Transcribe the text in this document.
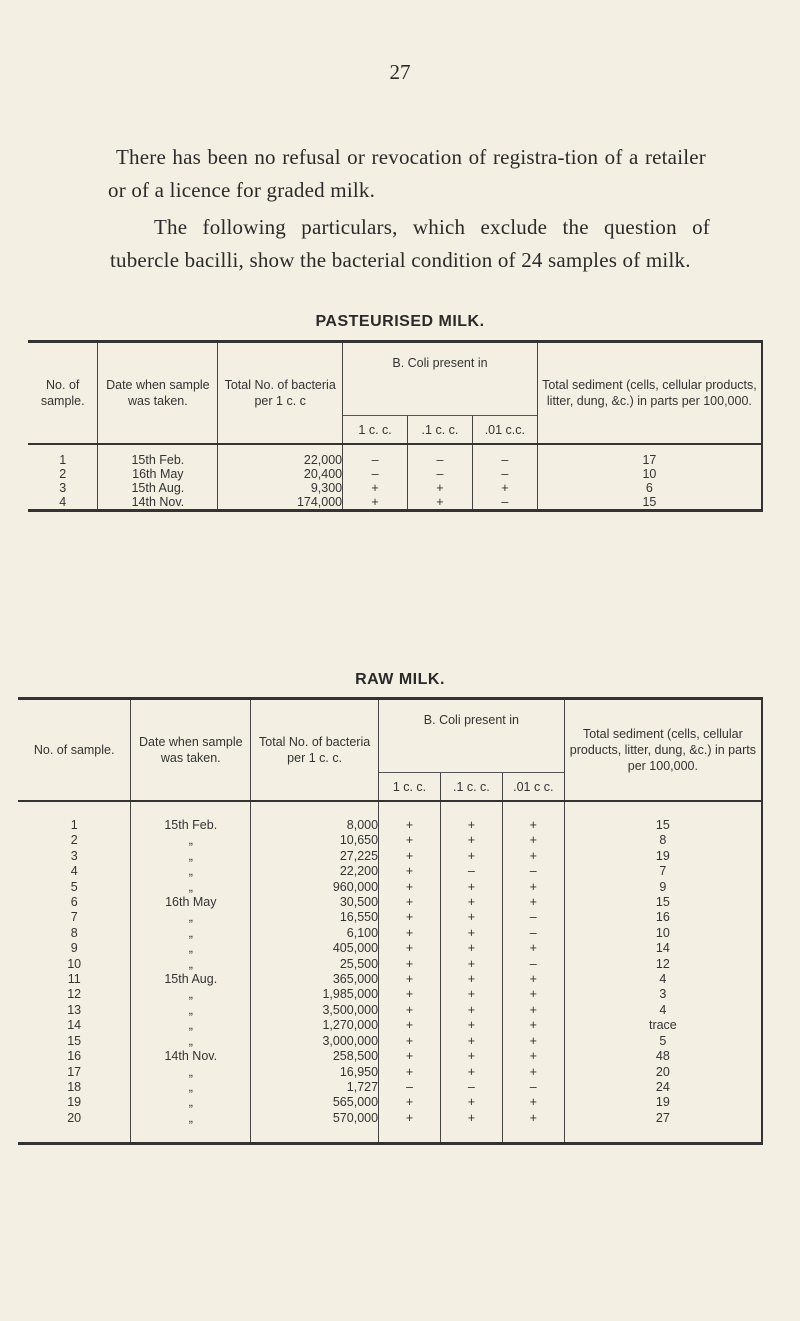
27

There has been no refusal or revocation of registra-tion of a retailer or of a licence for graded milk.

The following particulars, which exclude the question of tubercle bacilli, show the bacterial condition of 24 samples of milk.

PASTEURISED MILK.
No. of sample.	Date when sample was taken.	Total No. of bacteria per 1 c. c	B. Coli present in			Total sediment (cells, cellular products, litter, dung, &c.) in parts per 100,000.
			1 c. c.	.1 c. c.	.01 c.c.	
1	15th Feb.	22,000	–	–	–	17
2	16th May	20,400	–	–	–	10
3	15th Aug.	9,300	+	+	+	6
4	14th Nov.	174,000	+	+	–	15
RAW MILK.
No. of sample.	Date when sample was taken.	Total No. of bacteria per 1 c. c.	B. Coli present in			Total sediment (cells, cellular products, litter, dung, &c.) in parts per 100,000.
			1 c. c.	.1 c. c.	.01 c c.	
1	15th Feb.	8,000	+	+	+	15
2	„	10,650	+	+	+	8
3	„	27,225	+	+	+	19
4	„	22,200	+	–	–	7
5	„	960,000	+	+	+	9
6	16th May	30,500	+	+	+	15
7	„	16,550	+	+	–	16
8	„	6,100	+	+	–	10
9	„	405,000	+	+	+	14
10	„	25,500	+	+	–	12
11	15th Aug.	365,000	+	+	+	4
12	„	1,985,000	+	+	+	3
13	„	3,500,000	+	+	+	4
14	„	1,270,000	+	+	+	trace
15	„	3,000,000	+	+	+	5
16	14th Nov.	258,500	+	+	+	48
17	„	16,950	+	+	+	20
18	„	1,727	–	–	–	24
19	„	565,000	+	+	+	19
20	„	570,000	+	+	+	27
